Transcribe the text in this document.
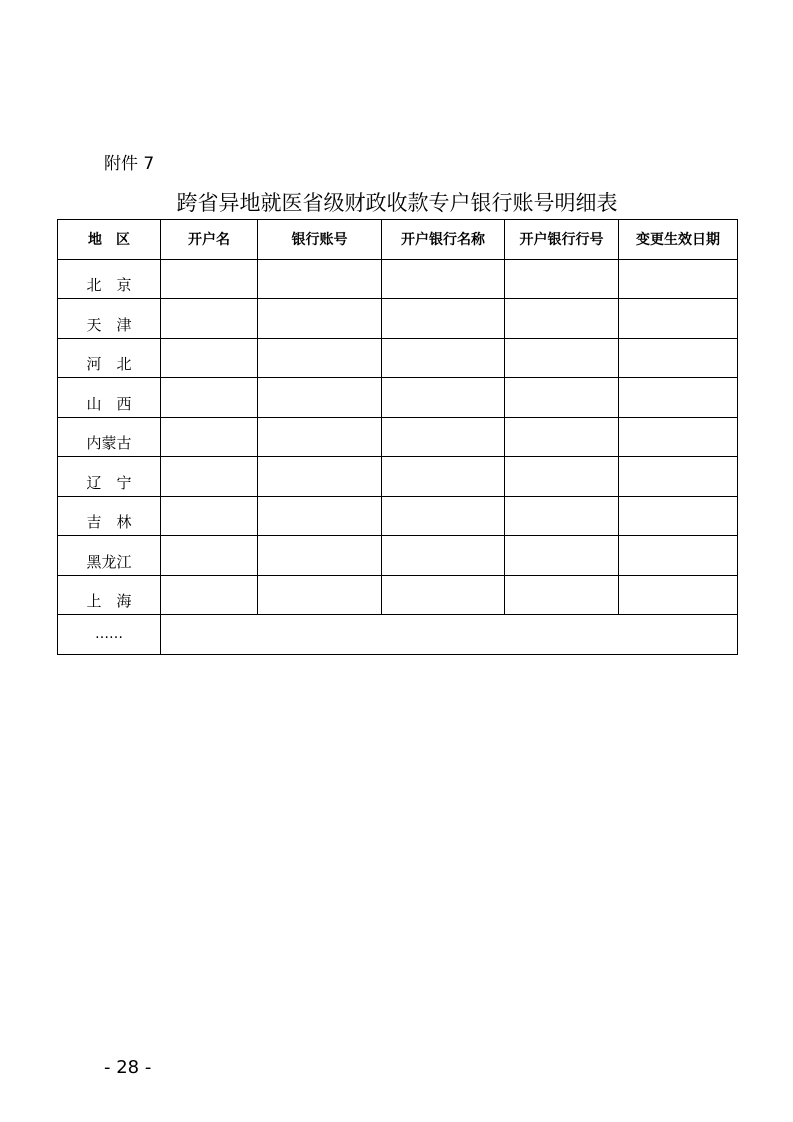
附件 7
跨省异地就医省级财政收款专户银行账号明细表
地　区	开户名	银行账号	开户银行名称	开户银行行号	变更生效日期
北　京					
天　津					
河　北					
山　西					
内蒙古					
辽　宁					
吉　林					
黑龙江					
上　海					
……					
- 28 -
